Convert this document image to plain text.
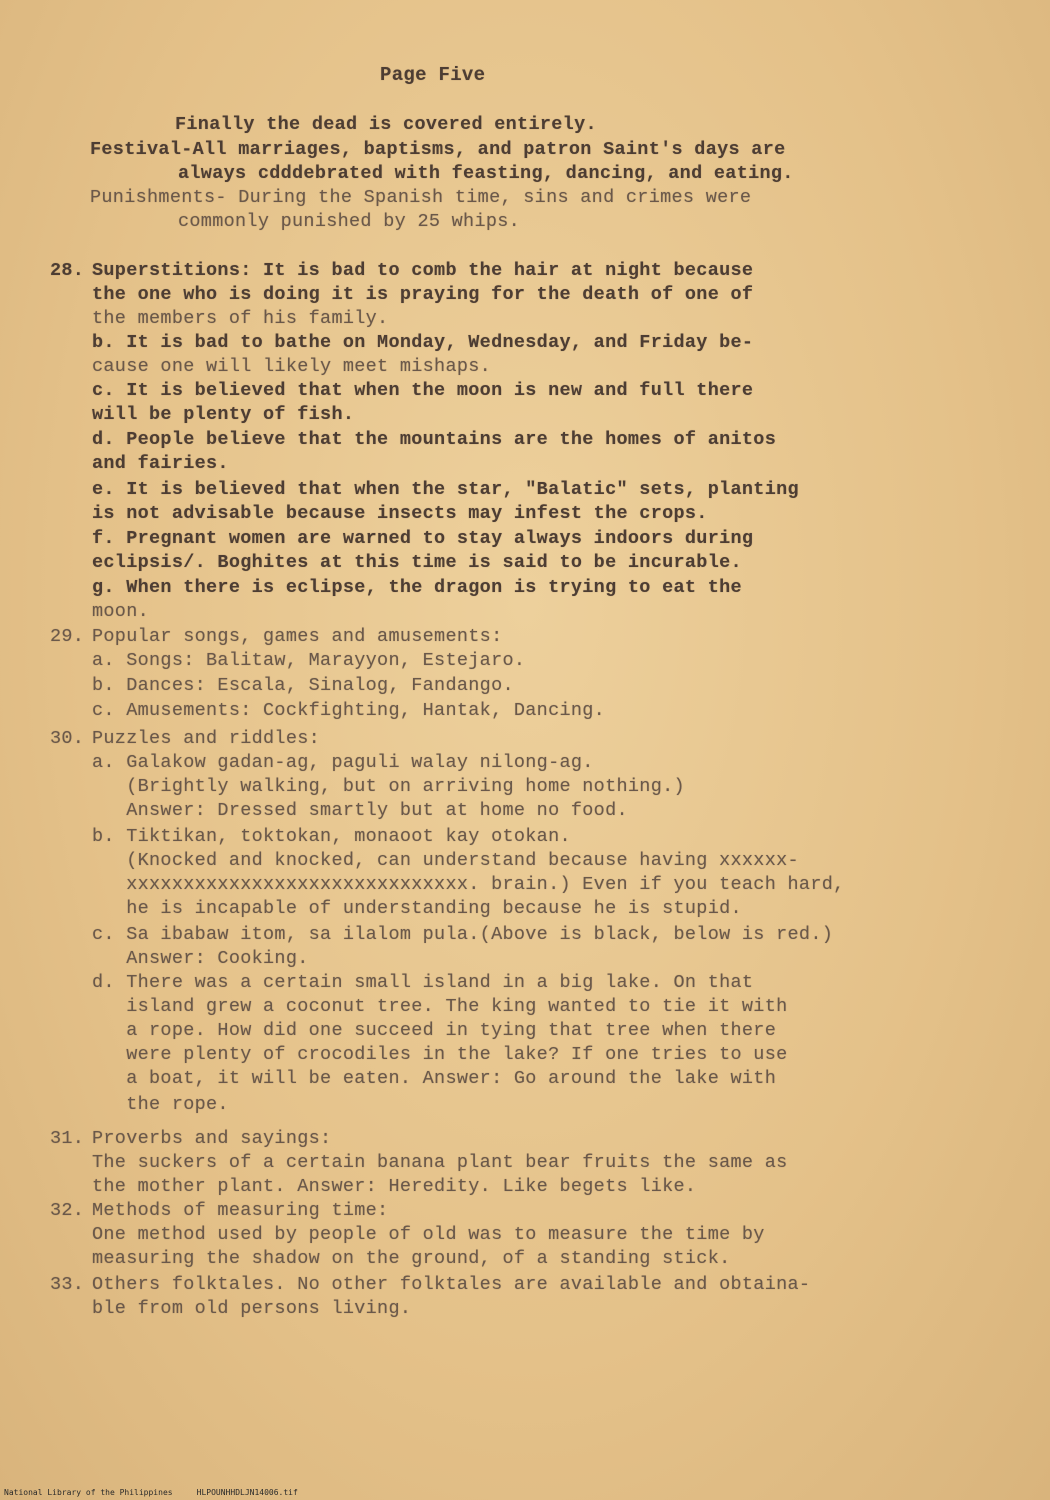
Page Five
Finally the dead is covered entirely.
Festival-All marriages, baptisms, and patron Saint's days are
always cdddebrated with feasting, dancing, and eating.
Punishments- During the Spanish time, sins and crimes were
commonly punished by 25 whips.
28. Superstitions: It is bad to comb the hair at night because
the one who is doing it is praying for the death of one of
the members of his family.
b. It is bad to bathe on Monday, Wednesday, and Friday be-
cause one will likely meet mishaps.
c. It is believed that when the moon is new and full there
will be plenty of fish.
d. People believe that the mountains are the homes of anitos
and fairies.
e. It is believed that when the star, "Balatic" sets, planting
is not advisable because insects may infest the crops.
f. Pregnant women are warned to stay always indoors during
eclipsis/. Boghites at this time is said to be incurable.
g. When there is eclipse, the dragon is trying to eat the
moon.
29. Popular songs, games and amusements:
a. Songs: Balitaw, Marayyon, Estejaro.
b. Dances: Escala, Sinalog, Fandango.
c. Amusements: Cockfighting, Hantak, Dancing.
30. Puzzles and riddles:
a. Galakow gadan-ag, paguli walay nilong-ag.
(Brightly walking, but on arriving home nothing.)
Answer: Dressed smartly but at home no food.
b. Tiktikan, toktokan, monaoot kay otokan.
(Knocked and knocked, can understand because having xxxxxx-
xxxxxxxxxxxxxxxxxxxxxxxxxxxxxx. brain.) Even if you teach hard,
he is incapable of understanding because he is stupid.
c. Sa ibabaw itom, sa ilalom pula.(Above is black, below is red.)
Answer: Cooking.
d. There was a certain small island in a big lake. On that
island grew a coconut tree. The king wanted to tie it with
a rope. How did one succeed in tying that tree when there
were plenty of crocodiles in the lake? If one tries to use
a boat, it will be eaten. Answer: Go around the lake with
the rope.
31. Proverbs and sayings:
The suckers of a certain banana plant bear fruits the same as
the mother plant. Answer: Heredity. Like begets like.
32. Methods of measuring time:
One method used by people of old was to measure the time by
measuring the shadow on the ground, of a standing stick.
33. Others folktales. No other folktales are available and obtaina-
ble from old persons living.
National Library of the Philippines     HLPOUNHHDLJN14006.tif
